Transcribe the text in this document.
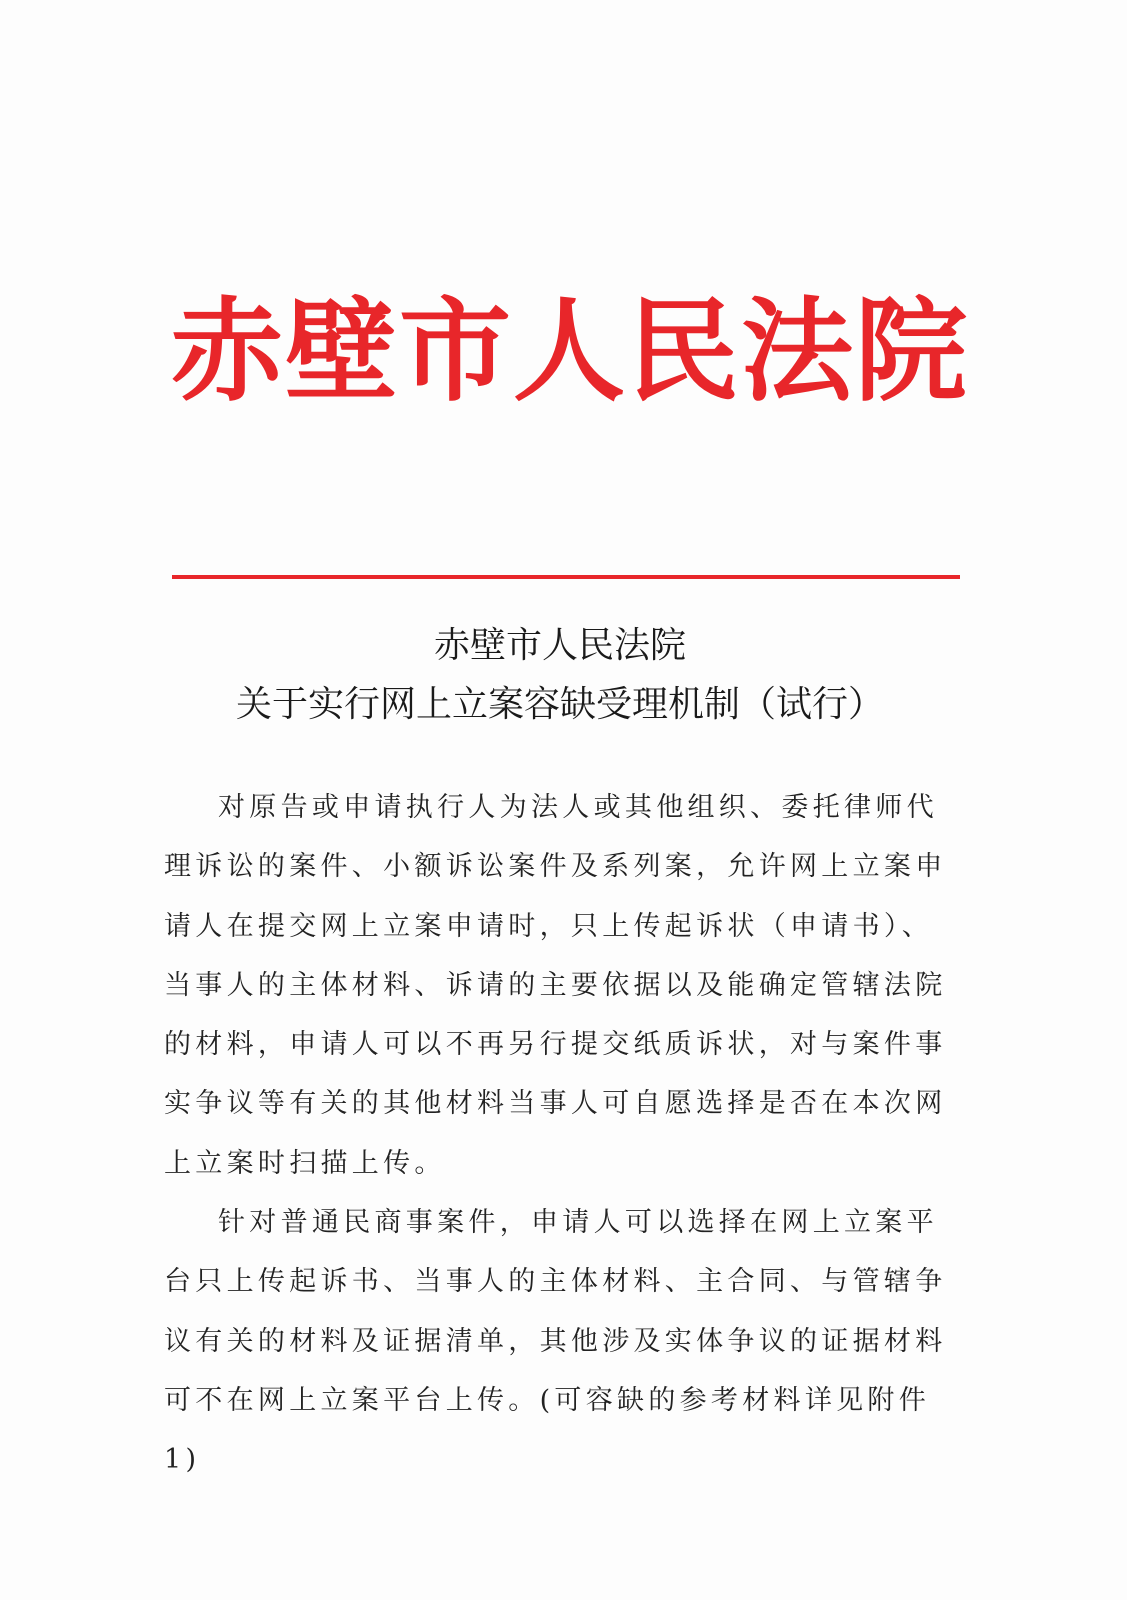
赤壁市人民法院
赤壁市人民法院
关于实行网上立案容缺受理机制（试行）

对原告或申请执行人为法人或其他组织、委托律师代理诉讼的案件、小额诉讼案件及系列案，允许网上立案申请人在提交网上立案申请时，只上传起诉状（申请书）、当事人的主体材料、诉请的主要依据以及能确定管辖法院的材料，申请人可以不再另行提交纸质诉状，对与案件事实争议等有关的其他材料当事人可自愿选择是否在本次网上立案时扫描上传。

针对普通民商事案件，申请人可以选择在网上立案平台只上传起诉书、当事人的主体材料、主合同、与管辖争议有关的材料及证据清单，其他涉及实体争议的证据材料可不在网上立案平台上传。(可容缺的参考材料详见附件 1)
